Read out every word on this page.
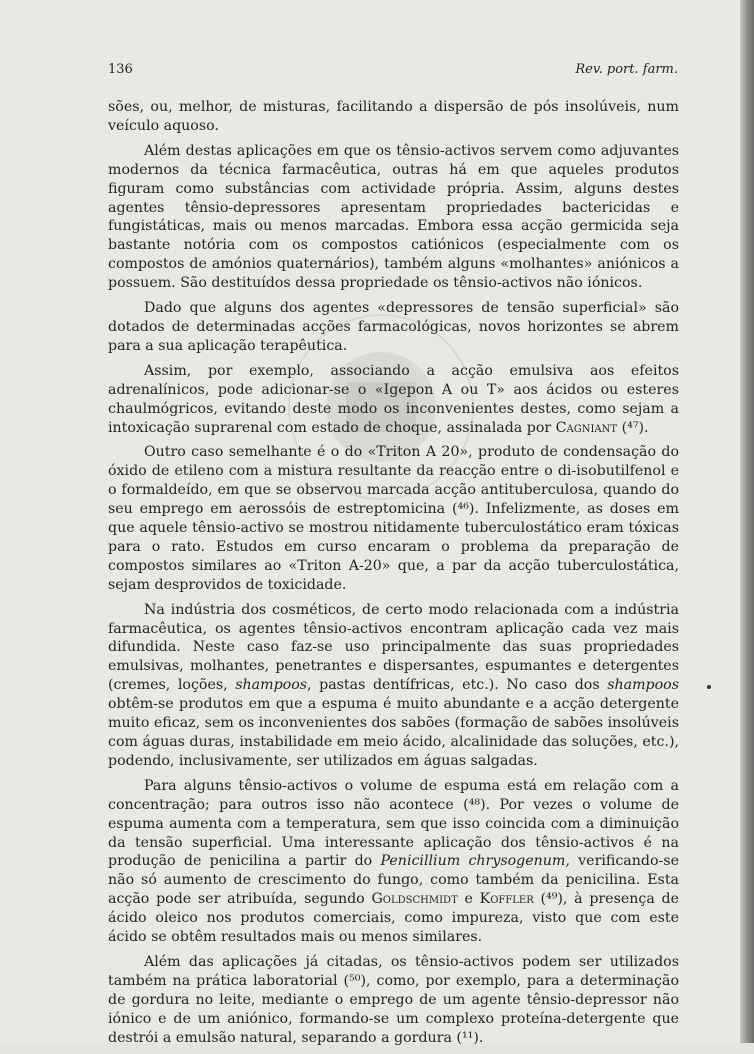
136	Rev. port. farm.

sões, ou, melhor, de misturas, facilitando a dispersão de pós insolúveis, num veículo aquoso.

Além destas aplicações em que os tênsio-activos servem como adjuvantes modernos da técnica farmacêutica, outras há em que aqueles produtos figuram como substâncias com actividade própria. Assim, alguns destes agentes tênsio-depressores apresentam propriedades bactericidas e fungistáticas, mais ou menos marcadas. Embora essa acção germicida seja bastante notória com os compostos catiónicos (especialmente com os compostos de amónios quaternários), também alguns «molhantes» aniónicos a possuem. São destituídos dessa propriedade os tênsio-activos não iónicos.

Dado que alguns dos agentes «depressores de tensão superficial» são dotados de determinadas acções farmacológicas, novos horizontes se abrem para a sua aplicação terapêutica.

Assim, por exemplo, associando a acção emulsiva aos efeitos adrenalínicos, pode adicionar-se o «Igepon A ou T» aos ácidos ou esteres chaulmógricos, evitando deste modo os inconvenientes destes, como sejam a intoxicação suprarenal com estado de choque, assinalada por Cagniant (⁴⁷).

Outro caso semelhante é o do «Triton A 20», produto de condensação do óxido de etileno com a mistura resultante da reacção entre o di-isobutilfenol e o formaldeído, em que se observou marcada acção antituberculosa, quando do seu emprego em aerossóis de estreptomicina (⁴⁶). Infelizmente, as doses em que aquele tênsio-activo se mostrou nitidamente tuberculostático eram tóxicas para o rato. Estudos em curso encaram o problema da preparação de compostos similares ao «Triton A-20» que, a par da acção tuberculostática, sejam desprovidos de toxicidade.

Na indústria dos cosméticos, de certo modo relacionada com a indústria farmacêutica, os agentes tênsio-activos encontram aplicação cada vez mais difundida. Neste caso faz-se uso principalmente das suas propriedades emulsivas, molhantes, penetrantes e dispersantes, espumantes e detergentes (cremes, loções, shampoos, pastas dentífricas, etc.). No caso dos shampoos obtêm-se produtos em que a espuma é muito abundante e a acção detergente muito eficaz, sem os inconvenientes dos sabões (formação de sabões insolúveis com águas duras, instabilidade em meio ácido, alcalinidade das soluções, etc.), podendo, inclusivamente, ser utilizados em águas salgadas.

Para alguns tênsio-activos o volume de espuma está em relação com a concentração; para outros isso não acontece (⁴⁸). Por vezes o volume de espuma aumenta com a temperatura, sem que isso coincida com a diminuição da tensão superficial. Uma interessante aplicação dos tênsio-activos é na produção de penicilina a partir do Penicillium chrysogenum, verificando-se não só aumento de crescimento do fungo, como também da penicilina. Esta acção pode ser atribuída, segundo Goldschmidt e Koffler (⁴⁹), à presença de ácido oleico nos produtos comerciais, como impureza, visto que com este ácido se obtêm resultados mais ou menos similares.

Além das aplicações já citadas, os tênsio-activos podem ser utilizados também na prática laboratorial (⁵⁰), como, por exemplo, para a determinação de gordura no leite, mediante o emprego de um agente tênsio-depressor não iónico e de um aniónico, formando-se um complexo proteína-detergente que destrói a emulsão natural, separando a gordura (¹¹).
